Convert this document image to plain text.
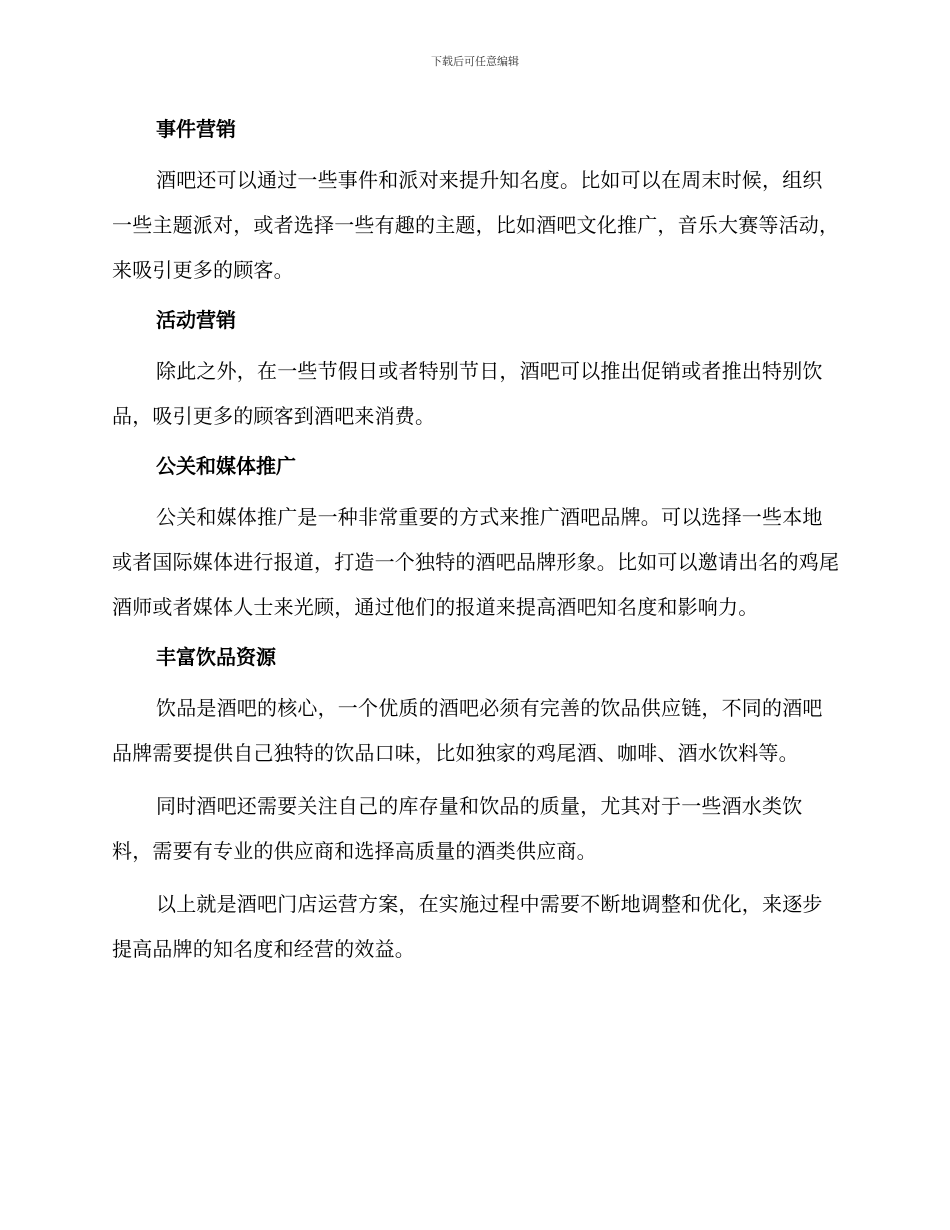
下载后可任意编辑
事件营销

酒吧还可以通过一些事件和派对来提升知名度。比如可以在周末时候，组织一些主题派对，或者选择一些有趣的主题，比如酒吧文化推广，音乐大赛等活动，来吸引更多的顾客。

活动营销

除此之外，在一些节假日或者特别节日，酒吧可以推出促销或者推出特别饮品，吸引更多的顾客到酒吧来消费。

公关和媒体推广

公关和媒体推广是一种非常重要的方式来推广酒吧品牌。可以选择一些本地或者国际媒体进行报道，打造一个独特的酒吧品牌形象。比如可以邀请出名的鸡尾酒师或者媒体人士来光顾，通过他们的报道来提高酒吧知名度和影响力。

丰富饮品资源

饮品是酒吧的核心，一个优质的酒吧必须有完善的饮品供应链，不同的酒吧品牌需要提供自己独特的饮品口味，比如独家的鸡尾酒、咖啡、酒水饮料等。

同时酒吧还需要关注自己的库存量和饮品的质量，尤其对于一些酒水类饮料，需要有专业的供应商和选择高质量的酒类供应商。

以上就是酒吧门店运营方案，在实施过程中需要不断地调整和优化，来逐步提高品牌的知名度和经营的效益。
